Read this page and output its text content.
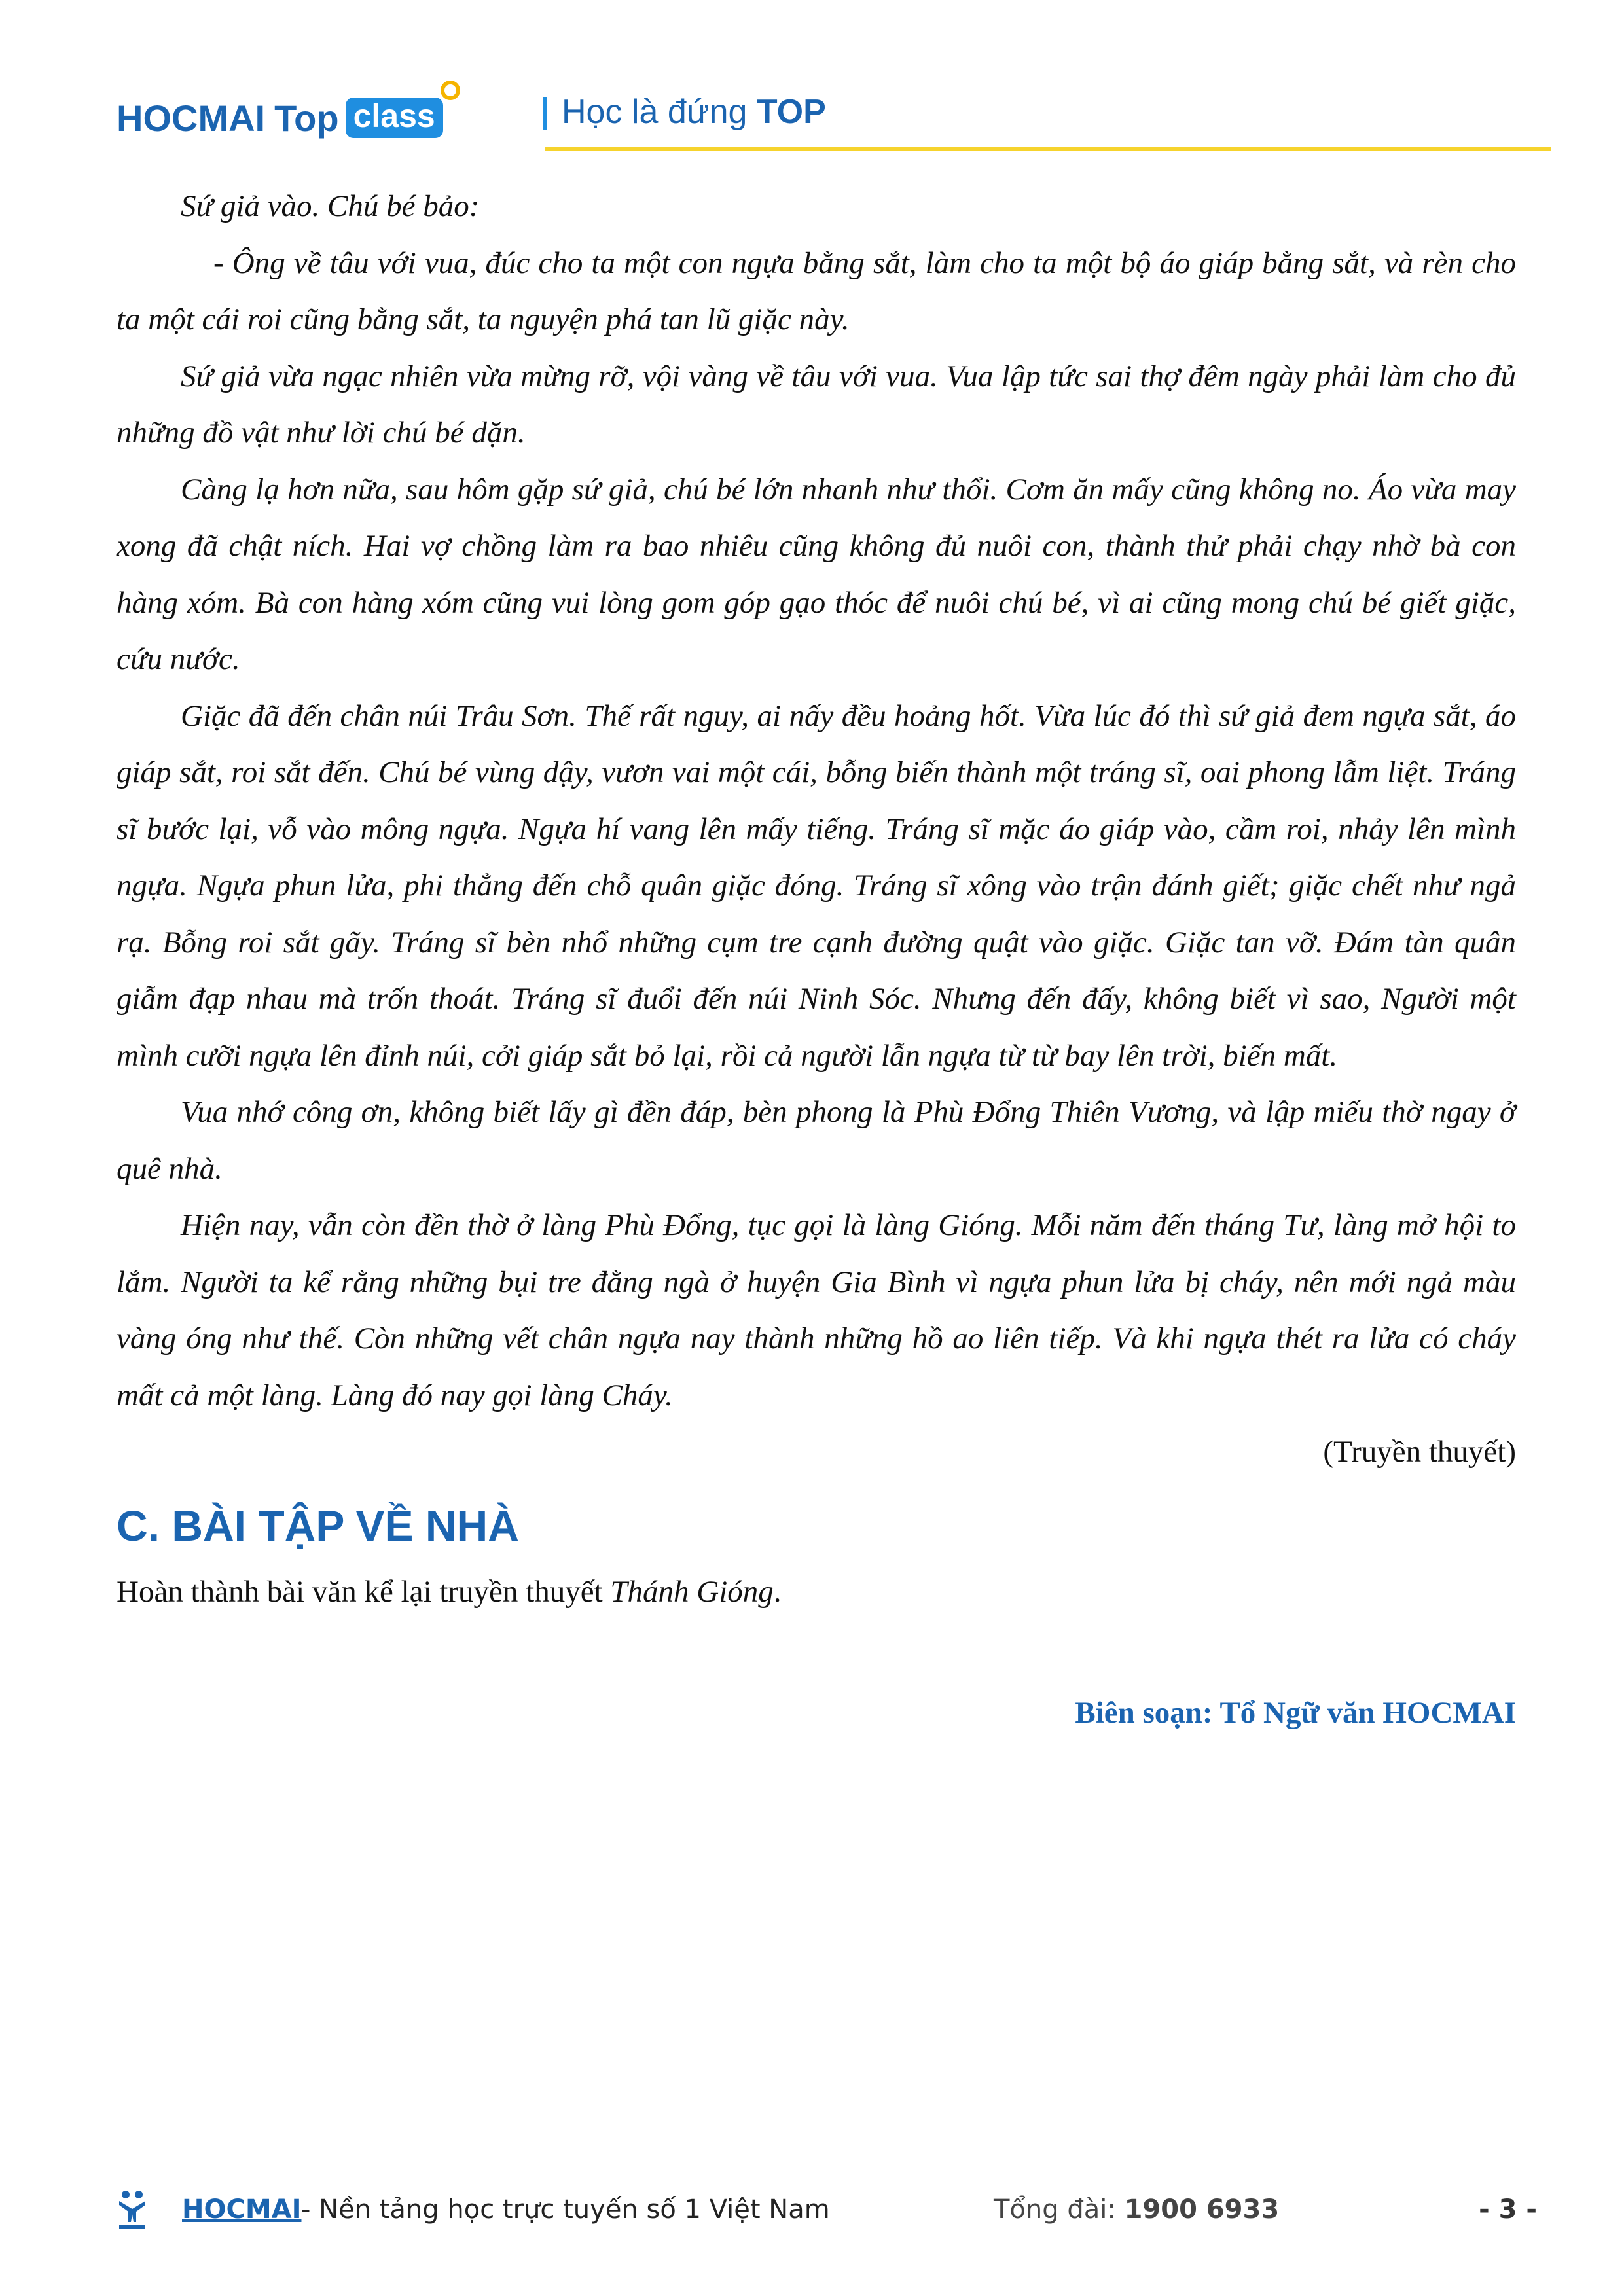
HOCMAI Top class	Học là đứng TOP

Sứ giả vào. Chú bé bảo:

- Ông về tâu với vua, đúc cho ta một con ngựa bằng sắt, làm cho ta một bộ áo giáp bằng sắt, và rèn cho ta một cái roi cũng bằng sắt, ta nguyện phá tan lũ giặc này.

Sứ giả vừa ngạc nhiên vừa mừng rỡ, vội vàng về tâu với vua. Vua lập tức sai thợ đêm ngày phải làm cho đủ những đồ vật như lời chú bé dặn.

Càng lạ hơn nữa, sau hôm gặp sứ giả, chú bé lớn nhanh như thổi. Cơm ăn mấy cũng không no. Áo vừa may xong đã chật ních. Hai vợ chồng làm ra bao nhiêu cũng không đủ nuôi con, thành thử phải chạy nhờ bà con hàng xóm. Bà con hàng xóm cũng vui lòng gom góp gạo thóc để nuôi chú bé, vì ai cũng mong chú bé giết giặc, cứu nước.

Giặc đã đến chân núi Trâu Sơn. Thế rất nguy, ai nấy đều hoảng hốt. Vừa lúc đó thì sứ giả đem ngựa sắt, áo giáp sắt, roi sắt đến. Chú bé vùng dậy, vươn vai một cái, bỗng biến thành một tráng sĩ, oai phong lẫm liệt. Tráng sĩ bước lại, vỗ vào mông ngựa. Ngựa hí vang lên mấy tiếng. Tráng sĩ mặc áo giáp vào, cầm roi, nhảy lên mình ngựa. Ngựa phun lửa, phi thẳng đến chỗ quân giặc đóng. Tráng sĩ xông vào trận đánh giết; giặc chết như ngả rạ. Bỗng roi sắt gãy. Tráng sĩ bèn nhổ những cụm tre cạnh đường quật vào giặc. Giặc tan vỡ. Đám tàn quân giẫm đạp nhau mà trốn thoát. Tráng sĩ đuổi đến núi Ninh Sóc. Nhưng đến đấy, không biết vì sao, Người một mình cưỡi ngựa lên đỉnh núi, cởi giáp sắt bỏ lại, rồi cả người lẫn ngựa từ từ bay lên trời, biến mất.

Vua nhớ công ơn, không biết lấy gì đền đáp, bèn phong là Phù Đổng Thiên Vương, và lập miếu thờ ngay ở quê nhà.

Hiện nay, vẫn còn đền thờ ở làng Phù Đổng, tục gọi là làng Gióng. Mỗi năm đến tháng Tư, làng mở hội to lắm. Người ta kể rằng những bụi tre đằng ngà ở huyện Gia Bình vì ngựa phun lửa bị cháy, nên mới ngả màu vàng óng như thế. Còn những vết chân ngựa nay thành những hồ ao liên tiếp. Và khi ngựa thét ra lửa có cháy mất cả một làng. Làng đó nay gọi làng Cháy.

(Truyền thuyết)

C. BÀI TẬP VỀ NHÀ

Hoàn thành bài văn kể lại truyền thuyết Thánh Gióng.

Biên soạn: Tổ Ngữ văn HOCMAI

HOCMAI - Nền tảng học trực tuyến số 1 Việt Nam	Tổng đài: 1900 6933	- 3 -
